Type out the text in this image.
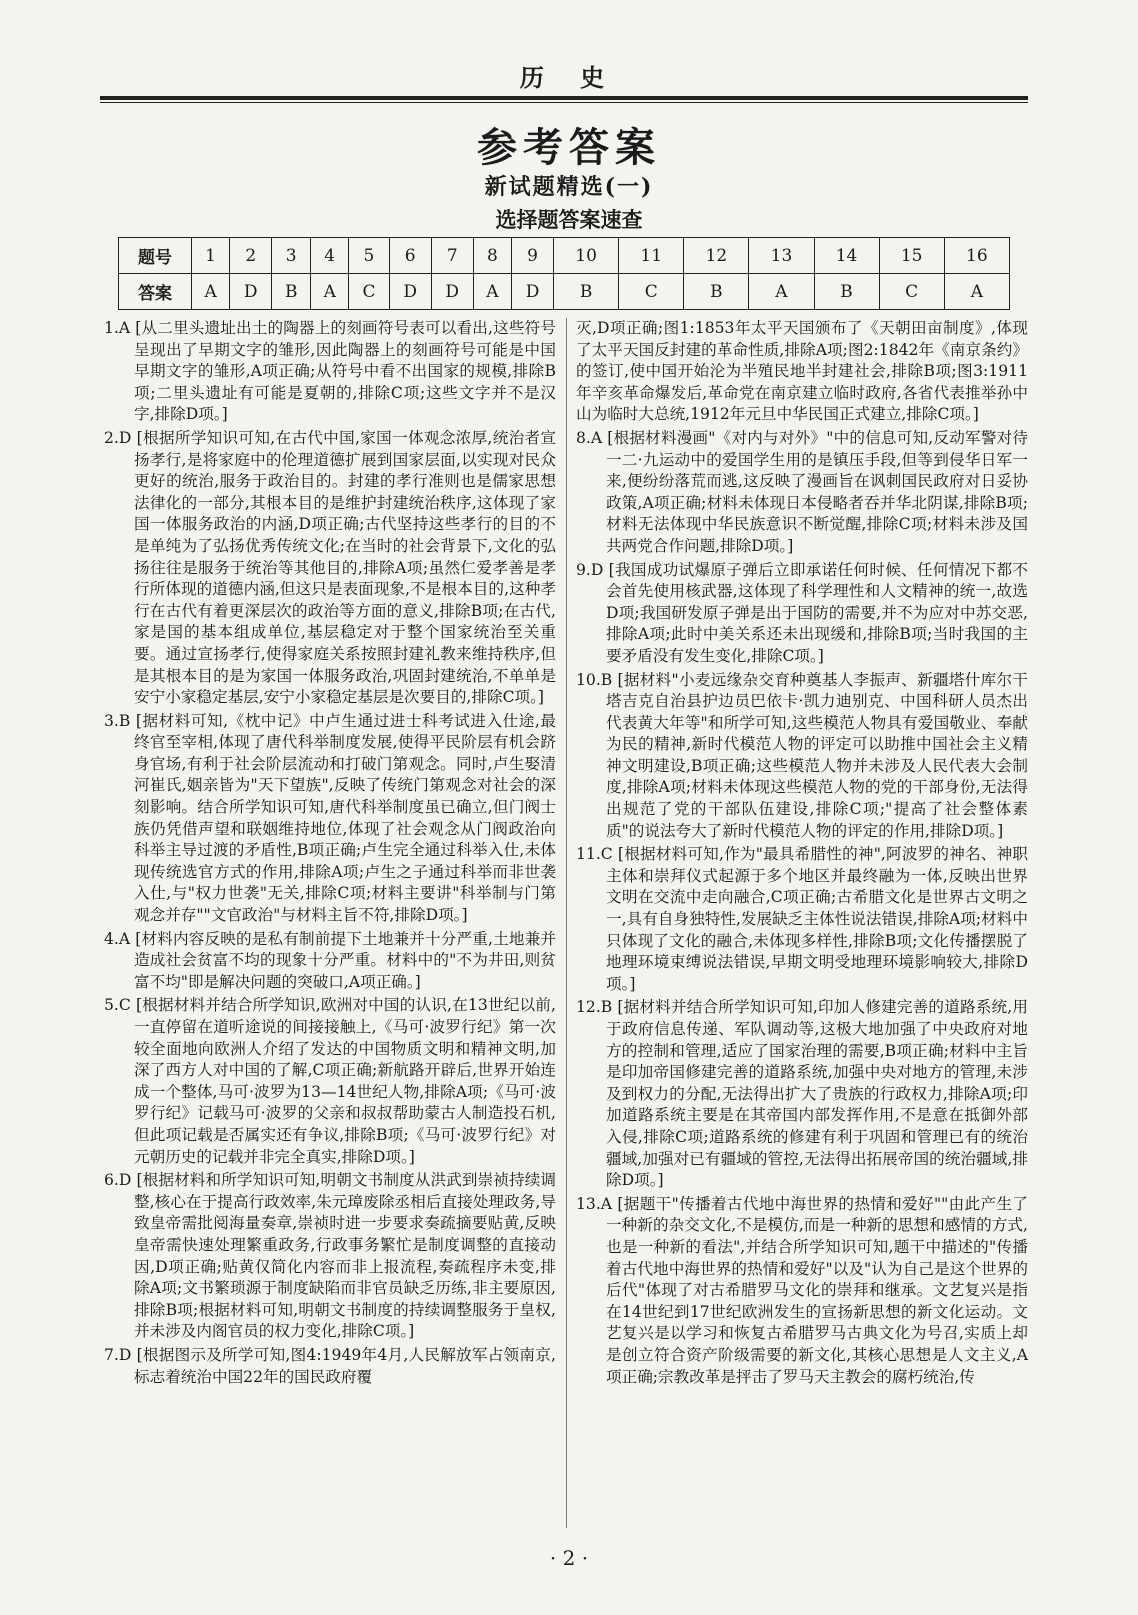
历 史
参考答案
新试题精选(一)
选择题答案速查
题号	1	2	3	4	5	6	7	8	9	10	11	12	13	14	15	16
答案	A	D	B	A	C	D	D	A	D	B	C	B	A	B	C	A
1.A [从二里头遗址出土的陶器上的刻画符号表可以看出,这些符号呈现出了早期文字的雏形,因此陶器上的刻画符号可能是中国早期文字的雏形,A项正确;从符号中看不出国家的规模,排除B项;二里头遗址有可能是夏朝的,排除C项;这些文字并不是汉字,排除D项。]
2.D [根据所学知识可知,在古代中国,家国一体观念浓厚,统治者宣扬孝行,是将家庭中的伦理道德扩展到国家层面,以实现对民众更好的统治,服务于政治目的。封建的孝行准则也是儒家思想法律化的一部分,其根本目的是维护封建统治秩序,这体现了家国一体服务政治的内涵,D项正确;古代坚持这些孝行的目的不是单纯为了弘扬优秀传统文化;在当时的社会背景下,文化的弘扬往往是服务于统治等其他目的,排除A项;虽然仁爱孝善是孝行所体现的道德内涵,但这只是表面现象,不是根本目的,这种孝行在古代有着更深层次的政治等方面的意义,排除B项;在古代,家是国的基本组成单位,基层稳定对于整个国家统治至关重要。通过宣扬孝行,使得家庭关系按照封建礼教来维持秩序,但是其根本目的是为家国一体服务政治,巩固封建统治,不单单是安宁小家稳定基层,安宁小家稳定基层是次要目的,排除C项。]
3.B [据材料可知,《枕中记》中卢生通过进士科考试进入仕途,最终官至宰相,体现了唐代科举制度发展,使得平民阶层有机会跻身官场,有利于社会阶层流动和打破门第观念。同时,卢生娶清河崔氏,姻亲皆为"天下望族",反映了传统门第观念对社会的深刻影响。结合所学知识可知,唐代科举制度虽已确立,但门阀士族仍凭借声望和联姻维持地位,体现了社会观念从门阀政治向科举主导过渡的矛盾性,B项正确;卢生完全通过科举入仕,未体现传统选官方式的作用,排除A项;卢生之子通过科举而非世袭入仕,与"权力世袭"无关,排除C项;材料主要讲"科举制与门第观念并存""文官政治"与材料主旨不符,排除D项。]
4.A [材料内容反映的是私有制前提下土地兼并十分严重,土地兼并造成社会贫富不均的现象十分严重。材料中的"不为井田,则贫富不均"即是解决问题的突破口,A项正确。]
5.C [根据材料并结合所学知识,欧洲对中国的认识,在13世纪以前,一直停留在道听途说的间接接触上,《马可·波罗行纪》第一次较全面地向欧洲人介绍了发达的中国物质文明和精神文明,加深了西方人对中国的了解,C项正确;新航路开辟后,世界开始连成一个整体,马可·波罗为13—14世纪人物,排除A项;《马可·波罗行纪》记载马可·波罗的父亲和叔叔帮助蒙古人制造投石机,但此项记载是否属实还有争议,排除B项;《马可·波罗行纪》对元朝历史的记载并非完全真实,排除D项。]
6.D [根据材料和所学知识可知,明朝文书制度从洪武到崇祯持续调整,核心在于提高行政效率,朱元璋废除丞相后直接处理政务,导致皇帝需批阅海量奏章,崇祯时进一步要求奏疏摘要贴黄,反映皇帝需快速处理繁重政务,行政事务繁忙是制度调整的直接动因,D项正确;贴黄仅简化内容而非上报流程,奏疏程序未变,排除A项;文书繁琐源于制度缺陷而非官员缺乏历练,非主要原因,排除B项;根据材料可知,明朝文书制度的持续调整服务于皇权,并未涉及内阁官员的权力变化,排除C项。]
7.D [根据图示及所学可知,图4:1949年4月,人民解放军占领南京,标志着统治中国22年的国民政府覆
灭,D项正确;图1:1853年太平天国颁布了《天朝田亩制度》,体现了太平天国反封建的革命性质,排除A项;图2:1842年《南京条约》的签订,使中国开始沦为半殖民地半封建社会,排除B项;图3:1911年辛亥革命爆发后,革命党在南京建立临时政府,各省代表推举孙中山为临时大总统,1912年元旦中华民国正式建立,排除C项。]
8.A [根据材料漫画"《对内与对外》"中的信息可知,反动军警对待一二·九运动中的爱国学生用的是镇压手段,但等到侵华日军一来,便纷纷落荒而逃,这反映了漫画旨在讽刺国民政府对日妥协政策,A项正确;材料未体现日本侵略者吞并华北阴谋,排除B项;材料无法体现中华民族意识不断觉醒,排除C项;材料未涉及国共两党合作问题,排除D项。]
9.D [我国成功试爆原子弹后立即承诺任何时候、任何情况下都不会首先使用核武器,这体现了科学理性和人文精神的统一,故选D项;我国研发原子弹是出于国防的需要,并不为应对中苏交恶,排除A项;此时中美关系还未出现缓和,排除B项;当时我国的主要矛盾没有发生变化,排除C项。]
10.B [据材料"小麦远缘杂交育种奠基人李振声、新疆塔什库尔干塔吉克自治县护边员巴依卡·凯力迪别克、中国科研人员杰出代表黄大年等"和所学可知,这些模范人物具有爱国敬业、奉献为民的精神,新时代模范人物的评定可以助推中国社会主义精神文明建设,B项正确;这些模范人物并未涉及人民代表大会制度,排除A项;材料未体现这些模范人物的党的干部身份,无法得出规范了党的干部队伍建设,排除C项;"提高了社会整体素质"的说法夸大了新时代模范人物的评定的作用,排除D项。]
11.C [根据材料可知,作为"最具希腊性的神",阿波罗的神名、神职主体和崇拜仪式起源于多个地区并最终融为一体,反映出世界文明在交流中走向融合,C项正确;古希腊文化是世界古文明之一,具有自身独特性,发展缺乏主体性说法错误,排除A项;材料中只体现了文化的融合,未体现多样性,排除B项;文化传播摆脱了地理环境束缚说法错误,早期文明受地理环境影响较大,排除D项。]
12.B [据材料并结合所学知识可知,印加人修建完善的道路系统,用于政府信息传递、军队调动等,这极大地加强了中央政府对地方的控制和管理,适应了国家治理的需要,B项正确;材料中主旨是印加帝国修建完善的道路系统,加强中央对地方的管理,未涉及到权力的分配,无法得出扩大了贵族的行政权力,排除A项;印加道路系统主要是在其帝国内部发挥作用,不是意在抵御外部入侵,排除C项;道路系统的修建有利于巩固和管理已有的统治疆域,加强对已有疆域的管控,无法得出拓展帝国的统治疆域,排除D项。]
13.A [据题干"传播着古代地中海世界的热情和爱好""由此产生了一种新的杂交文化,不是模仿,而是一种新的思想和感情的方式,也是一种新的看法",并结合所学知识可知,题干中描述的"传播着古代地中海世界的热情和爱好"以及"认为自己是这个世界的后代"体现了对古希腊罗马文化的崇拜和继承。文艺复兴是指在14世纪到17世纪欧洲发生的宣扬新思想的新文化运动。文艺复兴是以学习和恢复古希腊罗马古典文化为号召,实质上却是创立符合资产阶级需要的新文化,其核心思想是人文主义,A项正确;宗教改革是抨击了罗马天主教会的腐朽统治,传
· 2 ·
